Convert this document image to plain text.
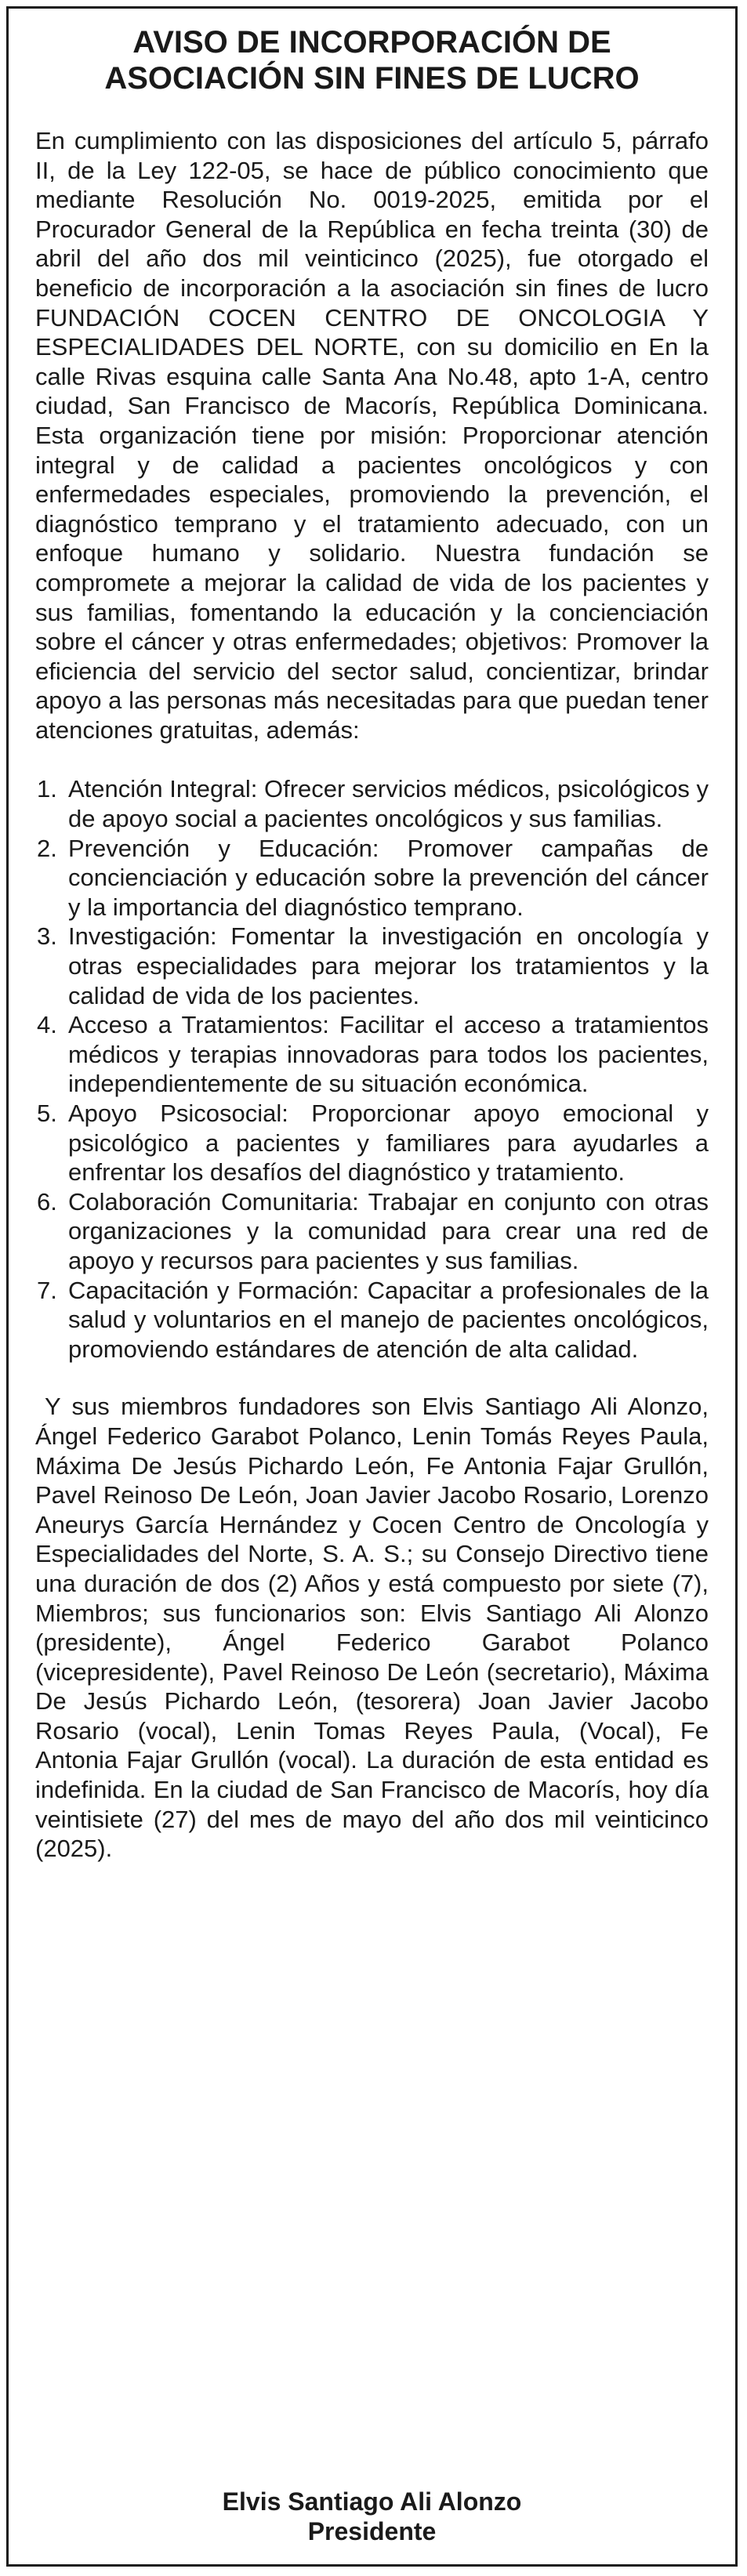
AVISO DE INCORPORACIÓN DE
ASOCIACIÓN SIN FINES DE LUCRO

En cumplimiento con las disposiciones del artículo 5, párrafo II, de la Ley 122-05, se hace de público conocimiento que mediante Resolución No. 0019-2025, emitida por el Procurador General de la República en fecha treinta (30) de abril del año dos mil veinticinco (2025), fue otorgado el beneficio de incorporación a la asociación sin fines de lucro FUNDACIÓN COCEN CENTRO DE ONCOLOGIA Y ESPECIALIDADES DEL NORTE, con su domicilio en En la calle Rivas esquina calle Santa Ana No.48, apto 1-A, centro ciudad, San Francisco de Macorís, República Dominicana. Esta organización tiene por misión: Proporcionar atención integral y de calidad a pacientes oncológicos y con enfermedades especiales, promoviendo la prevención, el diagnóstico temprano y el tratamiento adecuado, con un enfoque humano y solidario. Nuestra fundación se compromete a mejorar la calidad de vida de los pacientes y sus familias, fomentando la educación y la concienciación sobre el cáncer y otras enfermedades; objetivos: Promover la eficiencia del servicio del sector salud, concientizar, brindar apoyo a las personas más necesitadas para que puedan tener atenciones gratuitas, además:

1. Atención Integral: Ofrecer servicios médicos, psicológicos y de apoyo social a pacientes oncológicos y sus familias.
2. Prevención y Educación: Promover campañas de concienciación y educación sobre la prevención del cáncer y la importancia del diagnóstico temprano.
3. Investigación: Fomentar la investigación en oncología y otras especialidades para mejorar los tratamientos y la calidad de vida de los pacientes.
4. Acceso a Tratamientos: Facilitar el acceso a tratamientos médicos y terapias innovadoras para todos los pacientes, independientemente de su situación económica.
5. Apoyo Psicosocial: Proporcionar apoyo emocional y psicológico a pacientes y familiares para ayudarles a enfrentar los desafíos del diagnóstico y tratamiento.
6. Colaboración Comunitaria: Trabajar en conjunto con otras organizaciones y la comunidad para crear una red de apoyo y recursos para pacientes y sus familias.
7. Capacitación y Formación: Capacitar a profesionales de la salud y voluntarios en el manejo de pacientes oncológicos, promoviendo estándares de atención de alta calidad.

Y sus miembros fundadores son Elvis Santiago Ali Alonzo, Ángel Federico Garabot Polanco, Lenin Tomás Reyes Paula, Máxima De Jesús Pichardo León, Fe Antonia Fajar Grullón, Pavel Reinoso De León, Joan Javier Jacobo Rosario, Lorenzo Aneurys García Hernández y Cocen Centro de Oncología y Especialidades del Norte, S. A. S.; su Consejo Directivo tiene una duración de dos (2) Años y está compuesto por siete (7), Miembros; sus funcionarios son: Elvis Santiago Ali Alonzo (presidente), Ángel Federico Garabot Polanco (vicepresidente), Pavel Reinoso De León (secretario), Máxima De Jesús Pichardo León, (tesorera) Joan Javier Jacobo Rosario (vocal), Lenin Tomas Reyes Paula, (Vocal), Fe Antonia Fajar Grullón (vocal). La duración de esta entidad es indefinida. En la ciudad de San Francisco de Macorís, hoy día veintisiete (27) del mes de mayo del año dos mil veinticinco (2025).

Elvis Santiago Ali Alonzo
Presidente
